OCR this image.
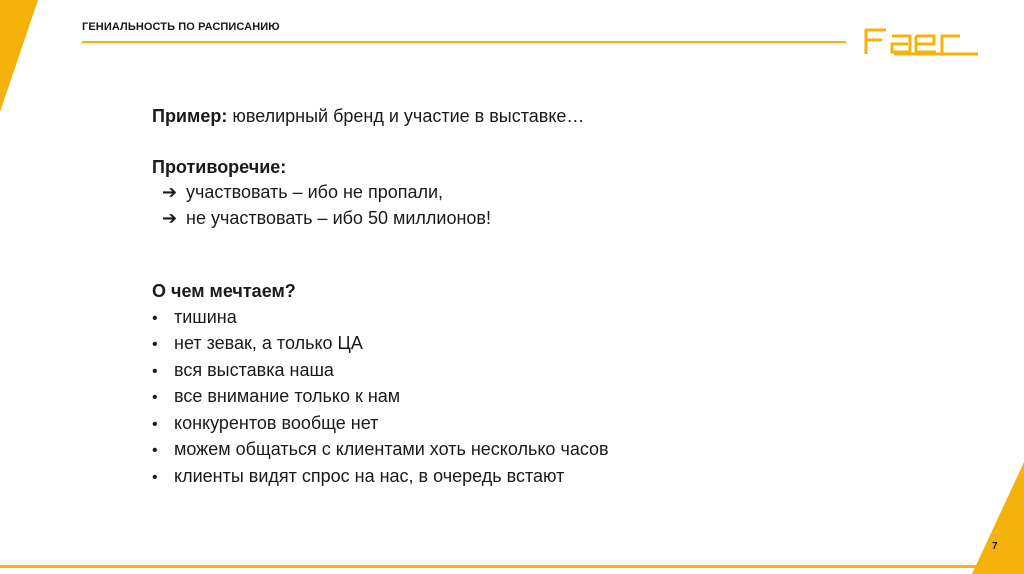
ГЕНИАЛЬНОСТЬ ПО РАСПИСАНИЮ
Пример: ювелирный бренд и участие в выставке…
Противоречие:
➔ участвовать – ибо не пропали,
➔ не участвовать – ибо 50 миллионов!
О чем мечтаем?
• тишина
• нет зевак, а только ЦА
• вся выставка наша
• все внимание только к нам
• конкурентов вообще нет
• можем общаться с клиентами хоть несколько часов
• клиенты видят спрос на нас, в очередь встают
7
